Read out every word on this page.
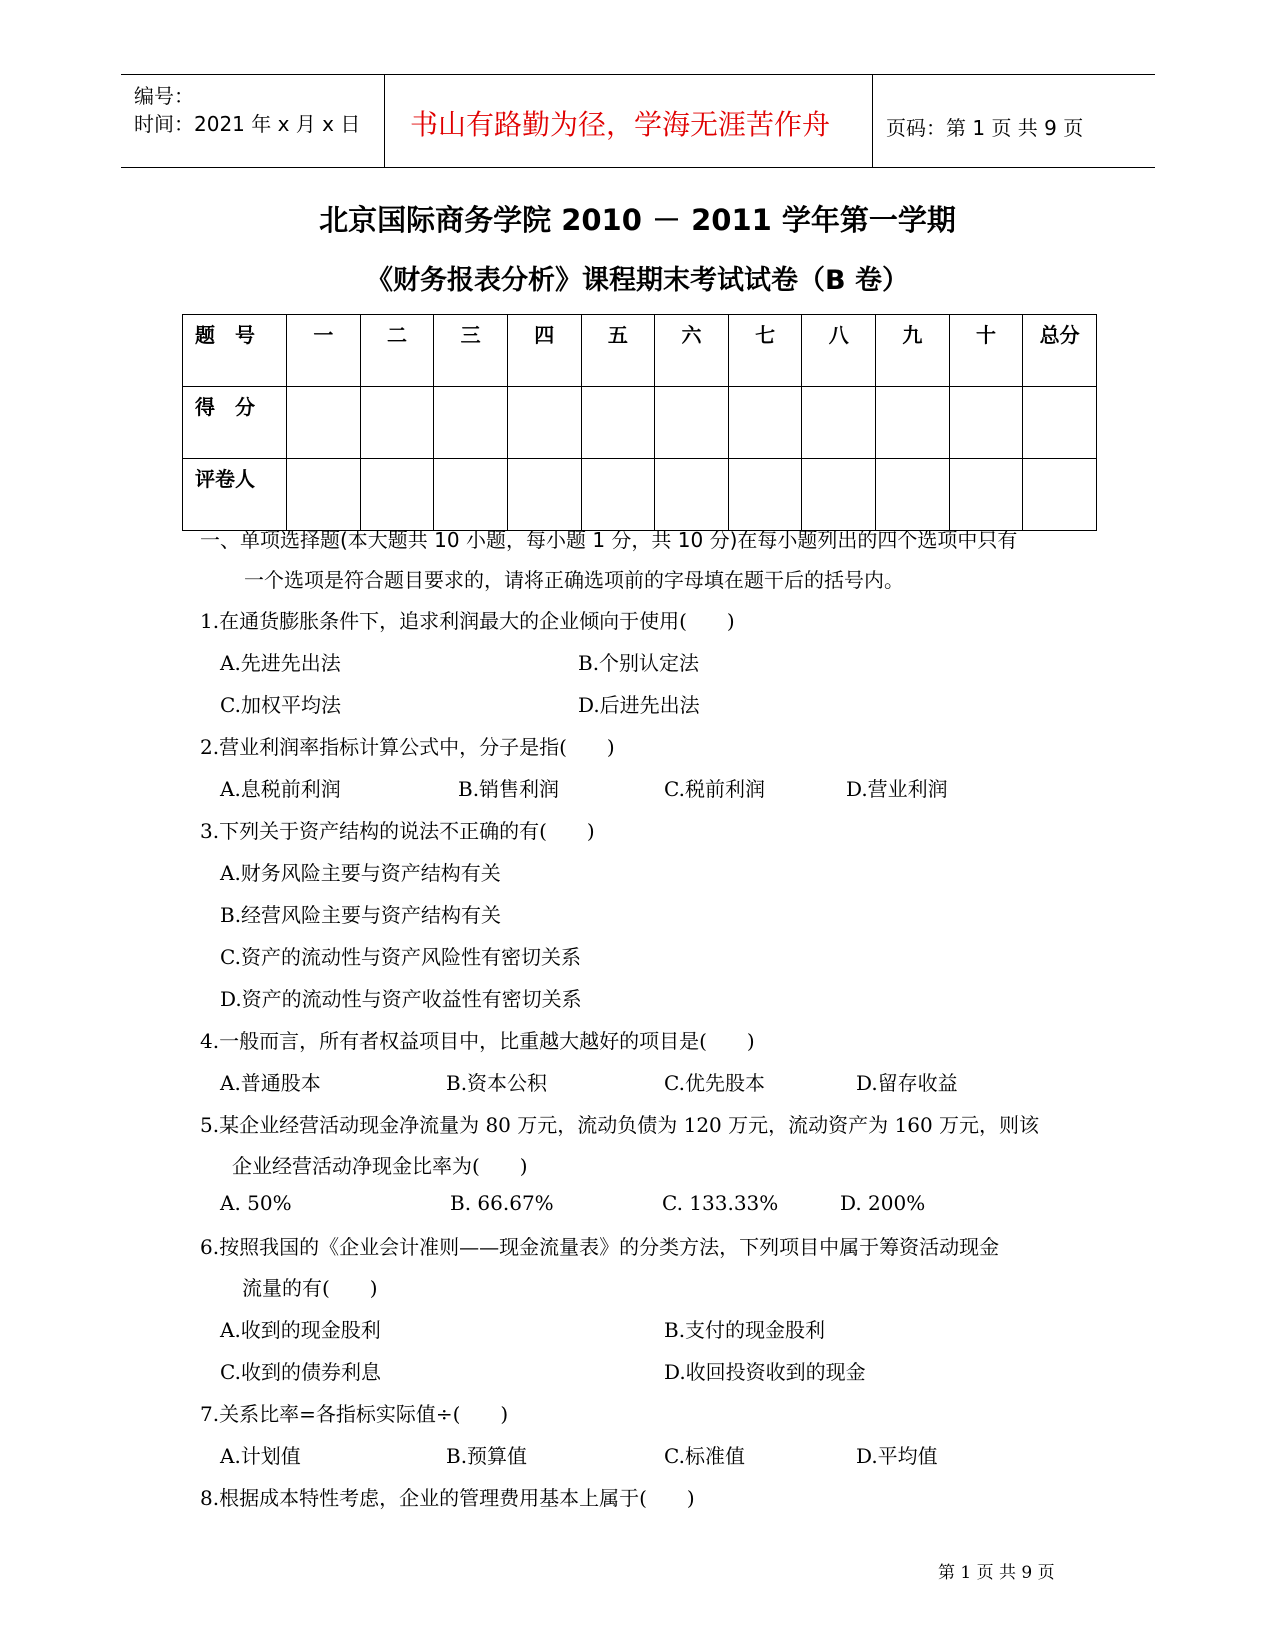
编号：
时间：2021 年 x 月 x 日 书山有路勤为径，学海无涯苦作舟	页码：第 1 页 共 9 页
北京国际商务学院 2010 － 2011 学年第一学期
《财务报表分析》课程期末考试试卷（B 卷）
题　号	一	二	三	四	五	六	七	八	九	十	总分
得　分											
评卷人											
一、单项选择题(本大题共 10 小题，每小题 1 分，共 10 分)在每小题列出的四个选项中只有
一个选项是符合题目要求的，请将正确选项前的字母填在题干后的括号内。
1.在通货膨胀条件下，追求利润最大的企业倾向于使用(　　)
A.先进先出法	B.个别认定法
C.加权平均法	D.后进先出法
2.营业利润率指标计算公式中，分子是指(　　)
A.息税前利润	B.销售利润	C.税前利润	D.营业利润
3.下列关于资产结构的说法不正确的有(　　)
A.财务风险主要与资产结构有关
B.经营风险主要与资产结构有关
C.资产的流动性与资产风险性有密切关系
D.资产的流动性与资产收益性有密切关系
4.一般而言，所有者权益项目中，比重越大越好的项目是(　　)
A.普通股本	B.资本公积	C.优先股本	D.留存收益
5.某企业经营活动现金净流量为 80 万元，流动负债为 120 万元，流动资产为 160 万元，则该
企业经营活动净现金比率为(　　)
A. 50%	B. 66.67%	C. 133.33%	D. 200%
6.按照我国的《企业会计准则——现金流量表》的分类方法，下列项目中属于筹资活动现金
流量的有(　　)
A.收到的现金股利	B.支付的现金股利
C.收到的债券利息	D.收回投资收到的现金
7.关系比率=各指标实际值÷(　　)
A.计划值	B.预算值	C.标准值	D.平均值
8.根据成本特性考虑，企业的管理费用基本上属于(　　)
第 1 页 共 9 页
